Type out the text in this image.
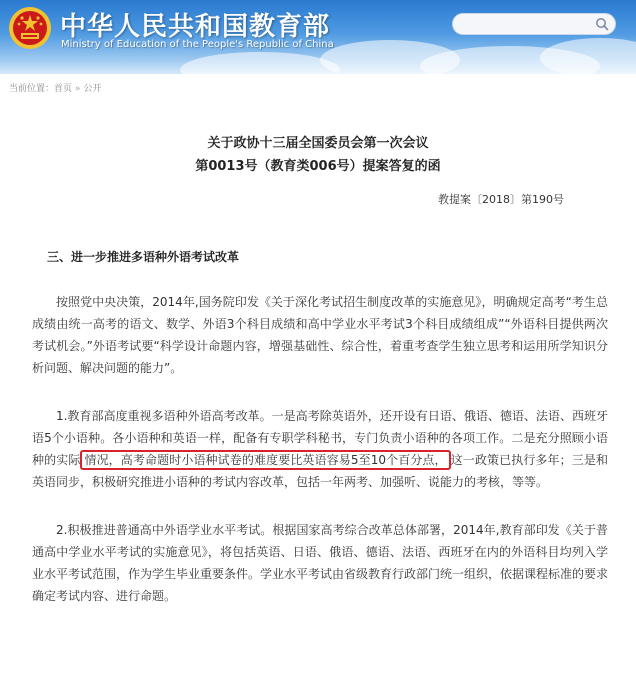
中华人民共和国教育部
Ministry of Education of the People's Republic of China
当前位置：首页 » 公开
关于政协十三届全国委员会第一次会议
第0013号（教育类006号）提案答复的函
教提案〔2018〕第190号
三、进一步推进多语种外语考试改革

按照党中央决策，2014年,国务院印发《关于深化考试招生制度改革的实施意见》，明确规定高考“考生总成绩由统一高考的语文、数学、外语3个科目成绩和高中学业水平考试3个科目成绩组成”“外语科目提供两次考试机会。”外语考试要“科学设计命题内容，增强基础性、综合性，着重考查学生独立思考和运用所学知识分析问题、解决问题的能力”。

1.教育部高度重视多语种外语高考改革。一是高考除英语外，还开设有日语、俄语、德语、法语、西班牙语5个小语种。各小语种和英语一样，配备有专职学科秘书，专门负责小语种的各项工作。二是充分照顾小语种的实际 情况，高考命题时小语种试卷的难度要比英语容易5至10个百分点， 这一政策已执行多年；三是和英语同步，积极研究推进小语种的考试内容改革，包括一年两考、加强听、说能力的考核，等等。

2.积极推进普通高中外语学业水平考试。根据国家高考综合改革总体部署，2014年,教育部印发《关于普通高中学业水平考试的实施意见》，将包括英语、日语、俄语、德语、法语、西班牙在内的外语科目均列入学业水平考试范围，作为学生毕业重要条件。学业水平考试由省级教育行政部门统一组织，依据课程标准的要求确定考试内容、进行命题。
